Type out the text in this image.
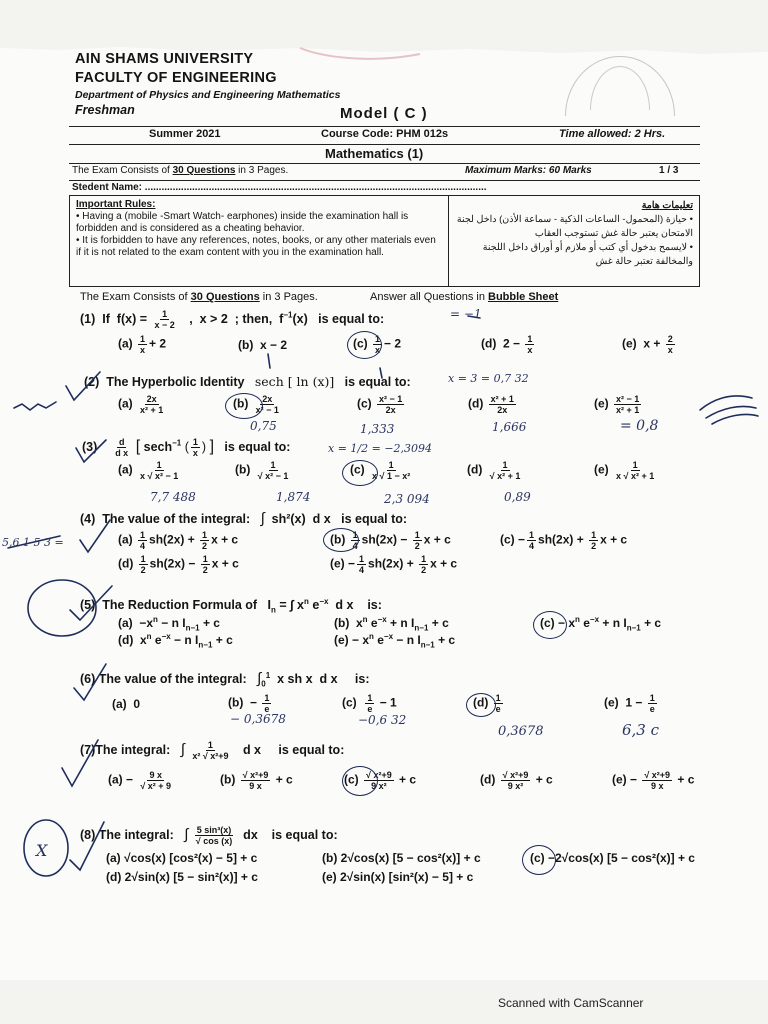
AIN SHAMS UNIVERSITY
FACULTY OF ENGINEERING
Department of Physics and Engineering Mathematics
Freshman	Model ( C )
Summer 2021	Course Code: PHM 012s	Time allowed: 2 Hrs.
Mathematics (1)
The Exam Consists of 30 Questions in 3 Pages.	Maximum Marks: 60 Marks	1 / 3
Stedent Name: ...........................................................................................................................
Important Rules:
• Having a (mobile -Smart Watch- earphones) inside the examination hall is forbidden and is considered as a cheating behavior.
• It is forbidden to have any references, notes, books, or any other materials even if it is not related to the exam content with you in the examination hall.
تعليمات هامة
• حيازة (المحمول- الساعات الذكية - سماعة الأذن) داخل لجنة الامتحان يعتبر حالة غش تستوجب العقاب
• لايسمح بدخول أي كتب أو ملازم أو أوراق داخل اللجنة والمخالفة تعتبر حالة غش
The Exam Consists of 30 Questions in 3 Pages.	Answer all Questions in Bubble Sheet
(1)  If  $f(x) = \frac{1}{x - 2}$ ,  x > 2  ; then,  $f^{-1}(x)$   is equal to:
$(a) \frac{1}{x} + 2$	(b)  x − 2	$(c) \frac{1}{x} - 2$	(d)  $2 - \frac{1}{x}$	(e)  $x + \frac{2}{x}$
(2)  The Hyperbolic Identity   sech [ ln (x)]   is equal to:
$(a) \frac{2x}{\text{x² + 1}}$	$(b) \frac{2x}{\text{x² − 1}}$	$(c) \frac{\text{x² − 1}}{2x}$	$(d) \frac{\text{x² + 1}}{2x}$	$(e) \frac{\text{x² − 1}}{\text{x² + 1}}$
$(3) \frac{d}{\text{d x}}$ [ sech$^{-1}$ ( $\frac{1}{x}$ ) ]   is equal to:
$(a) \frac{1}{\text{x √ x² − 1}}$	$(b) \frac{1}{\text{√ x² − 1}}$	$(c) \frac{1}{\text{x √ 1 − x²}}$	$(d) \frac{1}{\text{√ x² + 1}}$	$(e) \frac{1}{\text{x √ x² + 1}}$
(4)  The value of the integral:   ∫  sh²(x)  d x   is equal to:
$(a) \frac{1}{4} sh(2x) + \frac{1}{2}$ x + c	$(b) \frac{1}{4} sh(2x) - \frac{1}{2}$ x + c	$(c) - \frac{1}{4} sh(2x) + \frac{1}{2}$ x + c
$(d) \frac{1}{2} sh(2x) - \frac{1}{2}$ x + c	$(e) - \frac{1}{4} sh(2x) + \frac{1}{2}$ x + c
(5)  The Reduction Formula of   $I_n$ = ∫ $x^n$ $e^{-x}$  d x    is:
$(a) -x^n - n$ $I_{n-1} + c$	(b)  $x^n$ $e^{-x} + n$ $I_{n-1} + c$	$(c) - x^n$ $e^{-x} + n$ $I_{n-1} + c$
(d)  $x^n$ $e^{-x} - n$ $I_{n-1} + c$	$(e) - x^n$ $e^{-x} - n$ $I_{n-1} + c$
(6) The value of the integral:   $\int_0^1$  x sh x  d x     is:
(a)  0	$(b) - \frac{1}{e}$	$(c) \frac{1}{e} - 1$	$(d) \frac{1}{e}$	(e)  $1 - \frac{1}{e}$
(7)The integral:   ∫ $\frac{1}{\text{x² √ x²+9}}$ d x     is equal to:
$(a) - \frac{9 x}{\text{√ x² + 9}}$	$(b) \frac{\text{√ x²+9}}{9 x} + c$	$(c) \frac{\text{√ x²+9}}{\text{9 x²}} + c$	$(d) \frac{\text{√ x²+9}}{\text{9 x²}} + c$	$(e) - \frac{\text{√ x²+9}}{9 x} + c$
(8) The integral:   ∫ $\frac{\text{5 sin³(x)}}{√ \cos (x)}$ dx    is equal to:
(a) √cos(x) [cos²(x) − 5] + c	(b) 2√cos(x) [5 − cos²(x)] + c	(c) −2√cos(x) [5 − cos²(x)] + c
(d) 2√sin(x) [5 − sin²(x)] + c	(e) 2√sin(x) [sin²(x) − 5] + c
= −1
x = 3 = 0,7 32
0,75	1,333	1,666	= 0,8
x = 1/2 = −2,3094
7,7 488	1,874	2,3 094	0,89
5,6 1 5 3 =
− 0,3678	−0,6 32
0,3678	6,3 c
X
Scanned with CamScanner
